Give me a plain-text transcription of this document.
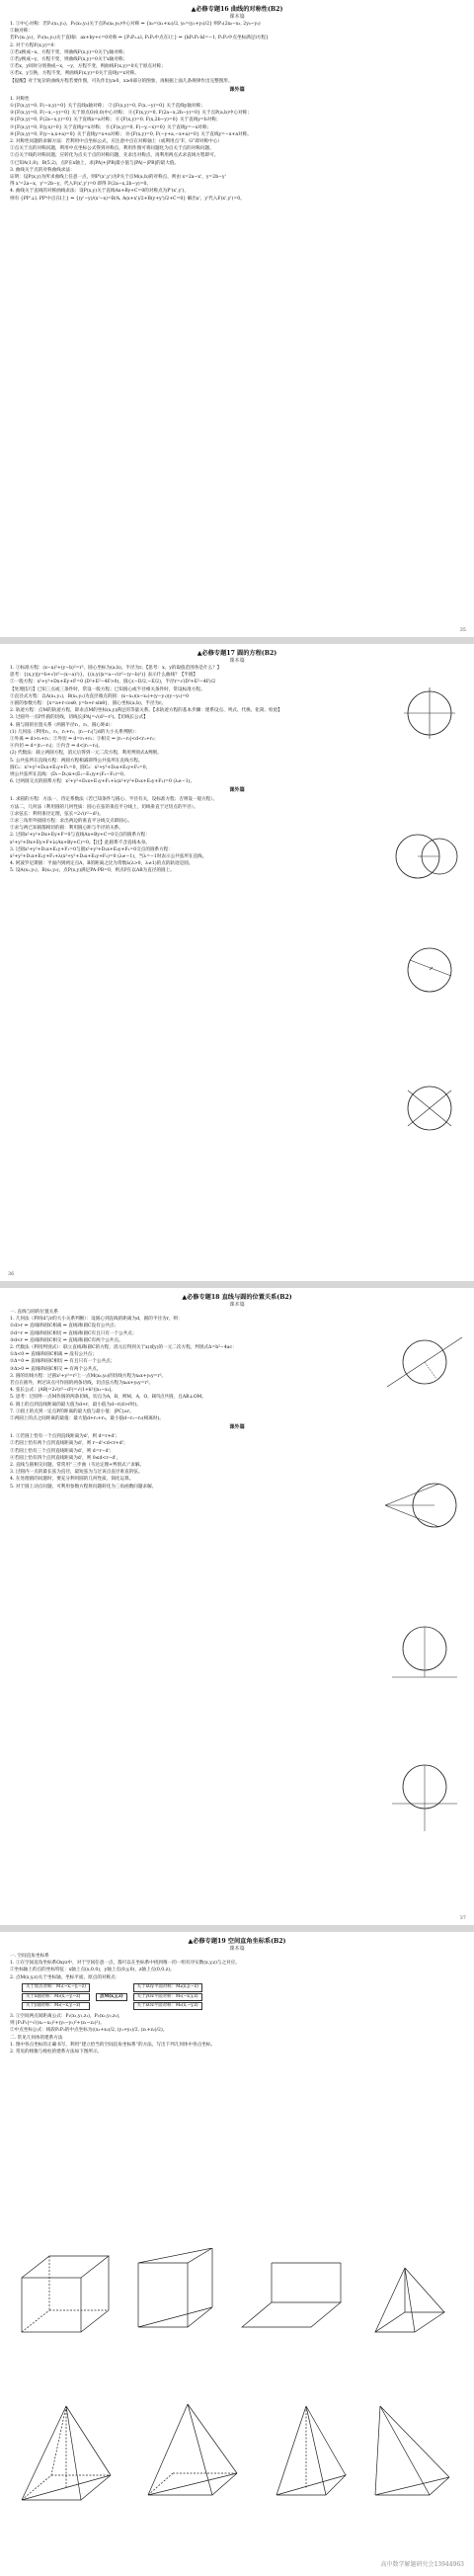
▲必修专题16 曲线的对称性(B2)
课本篇
1. ①中心对称：若P₁(x₁,y₁)，P₂(x₂,y₂)关于点P₀(x₀,y₀)中心对称 ⇔ {x₀=(x₁+x₂)/2, y₀=(y₁+y₂)/2} 则P₁(2x₀−x₂, 2y₀−y₂)
②轴对称：
若P₁(x₁,y₁)，P₂(x₂,y₂)关于直线l：ax+by+c=0对称 ⇔ {P₁P₂⊥l, P₁P₂中点在l上} ⇔ {kP₁P₂·kl=−1, P₁P₂中点坐标满足l方程}
2. 对于方程F(x,y)=0：
①若x换成−x，方程不变，则曲线F(x,y)=0关于y轴对称；
②若y换成−y，方程不变，则曲线F(x,y)=0关于x轴对称；
③若x，y同时分别换成−x，−y，方程不变，则曲线F(x,y)=0关于原点对称；
④若x，y互换，方程不变，则曲线F(x,y)=0关于直线y=x对称。
【提醒】对于复杂的曲线方程若要作图，可先作出y≥0，x≥0部分的图象，再根据上面几条规律作出完整图形。
课外篇
1. 对称性
①{F(x,y)=0, F(−x,y)=0} 关于直线x轴对称； ②{F(x,y)=0, F(x,−y)=0} 关于直线y轴对称；
③{F(x,y)=0, F(−x,−y)=0} 关于原点O(0,0)中心对称； ④{F(x,y)=0, F(2a−x,2b−y)=0} 关于点P(a,b)中心对称；
⑤{F(x,y)=0, F(2a−x,y)=0} 关于直线x=a对称； ⑥{F(x,y)=0, F(x,2b−y)=0} 关于直线y=b对称；
⑦{F(x,y)=0, F(y,x)=0} 关于直线y=x对称； ⑧{F(x,y)=0, F(−y,−x)=0} 关于直线y=−x对称；
⑨{F(x,y)=0, F(y−a,x+a)=0} 关于直线y=x+a对称； ⑩{F(x,y)=0, F(−y+a,−x+a)=0} 关于直线y=−x+a对称。
2. 对称性问题的求解方法：若利用中点坐标公式，应注意中点在对称轴上（或利用点“F、G”即对称中心）
①点关于点的对称问题，利用中点坐标公式得到对称点，利用作图可将问题化为点关于点的对称问题。
②点关于线的对称问题，应转化为点关于点的对称问题，先求出对称点，再利用两点式求直线方程即可。
③已知A(1,8)，B(5,2)，点P在x轴上，求|PA|+|PB|最小值与|PA|−|PB|的最大值。
3. 曲线关于点的对称曲线求法：
证明：设P(x,y)为所求曲线上任意一点，则P'(x',y')为P关于点M(a,b)的对称点，则由 x=2a−x'，y=2b−y'
得 x'=2a−x，y'=2b−y，代入F(x',y')=0 即得 F(2a−x,2b−y)=0。
4. 曲线关于直线的对称曲线求法：设P(x,y)关于直线Ax+By+C=0的对称点为P'(x',y')，
则有 {PP'⊥l, PP'中点在l上} ⇔ {(y'−y)/(x'−x)=B/A, A(x+x')/2+B(y+y')/2+C=0} 解出x'，y'代入F(x',y')=0。
35
▲必修专题17 圆的方程(B2)
课本篇
1. ①标准方程：(x−a)²+(y−b)²=r²，圆心坐标为(a,b)，半径为r。【思考：x，y的取值范围各是什么？】
思考：{(x,y)|y=b+√(r²−(x−a)²)}，{(x,y)|x=a−√(r²−(y−b)²)} 表示什么曲线？【半圆】
②一般方程：x²+y²+Dx+Ey+F=0 (D²+E²−4F>0)，圆心(−D/2,−E/2)，半径r=√(D²+E²−4F)/2
【处理技巧】已知三点或三条件时，常设一般方程；已知圆心或半径相关条件时，常设标准方程。
③直径式方程：以A(x₁,y₁)，B(x₂,y₂)为直径端点的圆：(x−x₁)(x−x₂)+(y−y₁)(y−y₂)=0
④圆的参数方程：{x=a+r·cosθ, y=b+r·sinθ}，圆心坐标(a,b)，半径为r。
2. 轨迹方程：点M的轨迹方程，即求点M的坐标(x,y)满足的等量关系。【求轨迹方程的基本步骤：建系设点、列式、代换、化简、检验】
3. 过圆外一点P作圆的切线，切线长|PA|=√(d²−r²)。【切线长公式】
4. 圆与圆的位置关系（两圆半径r₁，r₂，圆心距d）：
(1) 几何法（利用r₁，r₂，r₁+r₂，|r₁−r₂|与d的大小关系判断）：
①外离 ⇔ d>r₁+r₂；②外切 ⇔ d=r₁+r₂；③相交 ⇔ |r₁−r₂|<d<r₁+r₂；
④内切 ⇔ d=|r₁−r₂|；⑤内含 ⇔ d<|r₁−r₂|。
(2) 代数法：联立两圆方程，消元后得到一元二次方程，利用判别式Δ判断。
5. 公共弦所在直线方程：两圆方程相减即得公共弦所在直线方程。
圆C₁：x²+y²+D₁x+E₁y+F₁=0，圆C₂：x²+y²+D₂x+E₂y+F₂=0，
则公共弦所在直线：(D₁−D₂)x+(E₁−E₂)y+(F₁−F₂)=0。
6. 过两圆交点的圆系方程：x²+y²+D₁x+E₁y+F₁+λ(x²+y²+D₂x+E₂y+F₂)=0 (λ≠−1)。
课外篇
1. 求圆的方程：方法一，待定系数法（若已知条件与圆心、半径有关，设标准方程；否则设一般方程）。
方法二，几何法（利用圆的几何性质：圆心在弦的垂直平分线上，切线垂直于过切点的半径）。
①求弦长：利用垂径定理，弦长=2√(r²−d²)。
②求三角形外接圆方程：求出两边的垂直平分线交点即圆心。
③求与两已知圆都相切的圆：利用圆心距与半径的关系。
2. 过圆x²+y²+Dx+Ey+F=0与直线Ax+By+C=0交点的圆系方程：
x²+y²+Dx+Ey+F+λ(Ax+By+C)=0。【注】此圆系不含直线本身。
3. 过圆x²+y²+D₁x+E₁y+F₁=0与圆x²+y²+D₂x+E₂y+F₂=0交点的圆系方程：
x²+y²+D₁x+E₁y+F₁+λ(x²+y²+D₂x+E₂y+F₂)=0 (λ≠−1)，当λ=−1时表示公共弦所在直线。
4. 阿波罗尼斯圆：平面内到两定点A，B的距离之比为常数λ(λ>0，λ≠1)的点的轨迹是圆。
5. 设A(x₁,y₁)，B(x₂,y₂)，点P(x,y)满足PA·PB=0，则点P在以AB为直径的圆上。
36
▲必修专题18 直线与圆的位置关系(B2)
课本篇
一. 直线与圆的位置关系
1. 几何法（利用d与r的大小关系判断）：设圆心到直线的距离为d，圆的半径为r，则：
①d>r ⇔ 直线l和圆C相离 ⇔ 直线l和圆C没有公共点；
②d=r ⇔ 直线l和圆C相切 ⇔ 直线l和圆C有且只有一个公共点；
③d<r ⇔ 直线l和圆C相交 ⇔ 直线l和圆C有两个公共点。
2. 代数法（利用判别式）：联立直线l和圆C的方程，消元后得到关于x(或y)的一元二次方程，判别式Δ=b²−4ac：
①Δ<0 ⇔ 直线l和圆C相离 ⇔ 没有公共点；
②Δ=0 ⇔ 直线l和圆C相切 ⇔ 有且只有一个公共点；
③Δ>0 ⇔ 直线l和圆C相交 ⇔ 有两个公共点。
3. 圆的切线方程：过圆x²+y²=r²上一点M(x₀,y₀)的切线方程为x₀x+y₀y=r²。
若点在圆外，则过该点可作圆的两条切线，切点弦方程为x₀x+y₀y=r²。
4. 弦长公式：|AB|=2√(r²−d²)=√(1+k²)|x₁−x₂|。
5. 思考：过圆外一点M作圆的两条切线，切点为A，B，则M，A，O，B四点共圆，且AB⊥OM。
6. 圆上的点到直线距离的最大值为d+r，最小值为d−r(d>r时)。
7. ①圆上的点到一定点P的距离的最大值与最小值：|PC|±r。
②两圆上的点之间距离的最值：最大值d+r₁+r₂，最小值d−r₁−r₂(相离时)。
课外篇
1. ①若圆上恰有一个点到直线距离为d'，则 d=r+d'；
②若圆上恰有两个点到直线距离为d'，则 r−d'<d<r+d'；
③若圆上恰有三个点到直线距离为d'，则 d=r−d'；
④若圆上恰有四个点到直线距离为d'，则 0≤d<r−d'。
2. 直线与圆相交问题，常常用“三步曲（韦达定理+判别式）”求解。
3. 过圆内一点的最长弦为直径，最短弦为与过该点直径垂直的弦。
4. 在处理圆的问题时，要充分利用圆的几何性质，简化运算。
5. 对于圆上动点问题，可利用参数方程将问题转化为三角函数问题求解。
37
▲必修专题19 空间直角坐标系(B2)
课本篇
一. 空间直角坐标系
1. ①在空间直角坐标系Oxyz中，对于空间任意一点，都可以在坐标系中找到唯一的一组有序实数(x,y,z)与之对应。
②坐标轴上的点的坐标特征：x轴上点(x,0,0)，y轴上点(0,y,0)，z轴上点(0,0,z)。
2. 点M(x,y,z)关于坐标轴、坐标平面、原点的对称点：
关于原点对称：M₁(−x,−y,−z)
关于x轴对称：M₂(x,−y,−z)
关于y轴对称：M₃(−x,y,−z)
点M(x,y,z)
关于xOy平面对称：M₄(x,y,−z)
关于yOz平面对称：M₅(−x,y,z)
关于xOz平面对称：M₆(x,−y,z)
3. ①空间两点间距离公式：P₁(x₁,y₁,z₁)，P₂(x₂,y₂,z₂)，
则 |P₁P₂|=√((x₁−x₂)²+(y₁−y₂)²+(z₁−z₂)²)。
②中点坐标公式：线段P₁P₂的中点坐标为((x₁+x₂)/2, (y₁+y₂)/2, (z₁+z₂)/2)。
二. 常见几何体的建系方法
1. 图中各点坐标的正确书写，利用“建立恰当的空间直角坐标系”的方法，写出下列几何体中各点坐标。
2. 常见的棱锥与棱柱的建系方法如下图所示。
高中数学解题研究会13944963
